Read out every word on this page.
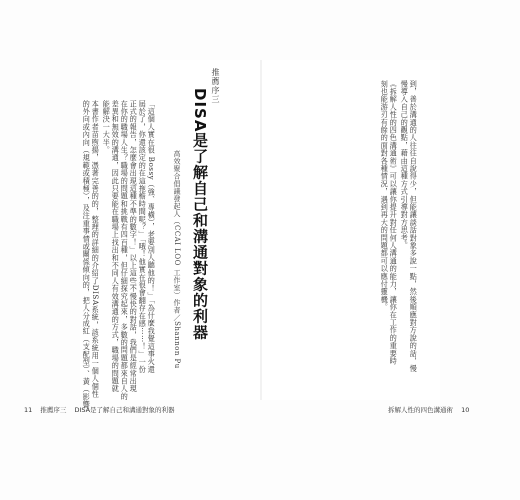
推薦序三
DISA是了解自己和溝通對象的利器
高效聚合倡議發起人（CCAI LOO 工作室）作者／Shannon Pu
「這個人實在很 Bossy（強、專橫），老要別人聽他的！」「為什麼我覺這事火還
屆於了，你還該定的在這拖檐時間呢？」「哦！他實在很會翻存在感⋯⋯！」一份
正式的報告，怎麼會出現這種不準的數字！」以上這些不慢快的對話，我們是經常出現
在你的職場人生？職場的問題和挑戰有四百種，但仔細探究起來，多數的問題都來自人的
差異和無效的溝通，因此只要能在職場上找出和不同人有效溝通的方式，職場的問題就
能解決一大半。
本書作者苗煦揚，憑著完善的的，整理的詳細的介紹了DISA系統，該系統用一個人個性
的外向或內向（規範或積極），及注重事情或關係傾向的，把人分成紅（支配型）、黃（影響	到，善於溝通的人往往自說得少，但能讓談話對象多說一點，然後順應對方說的話，慢
慢導入自己的觀點，藉由這種方式引導對方思考。
《拆解人性的四色溝通術》可以讓你提升對任何人溝通的能力，讓你在工作的重要時
刻也能游刃有餘的面對各種情況，遇到再大的問題都可以應付靈機。
11 推薦序三 DISA是了解自己和溝通對象的利器	拆解人性的四色溝通術 10
